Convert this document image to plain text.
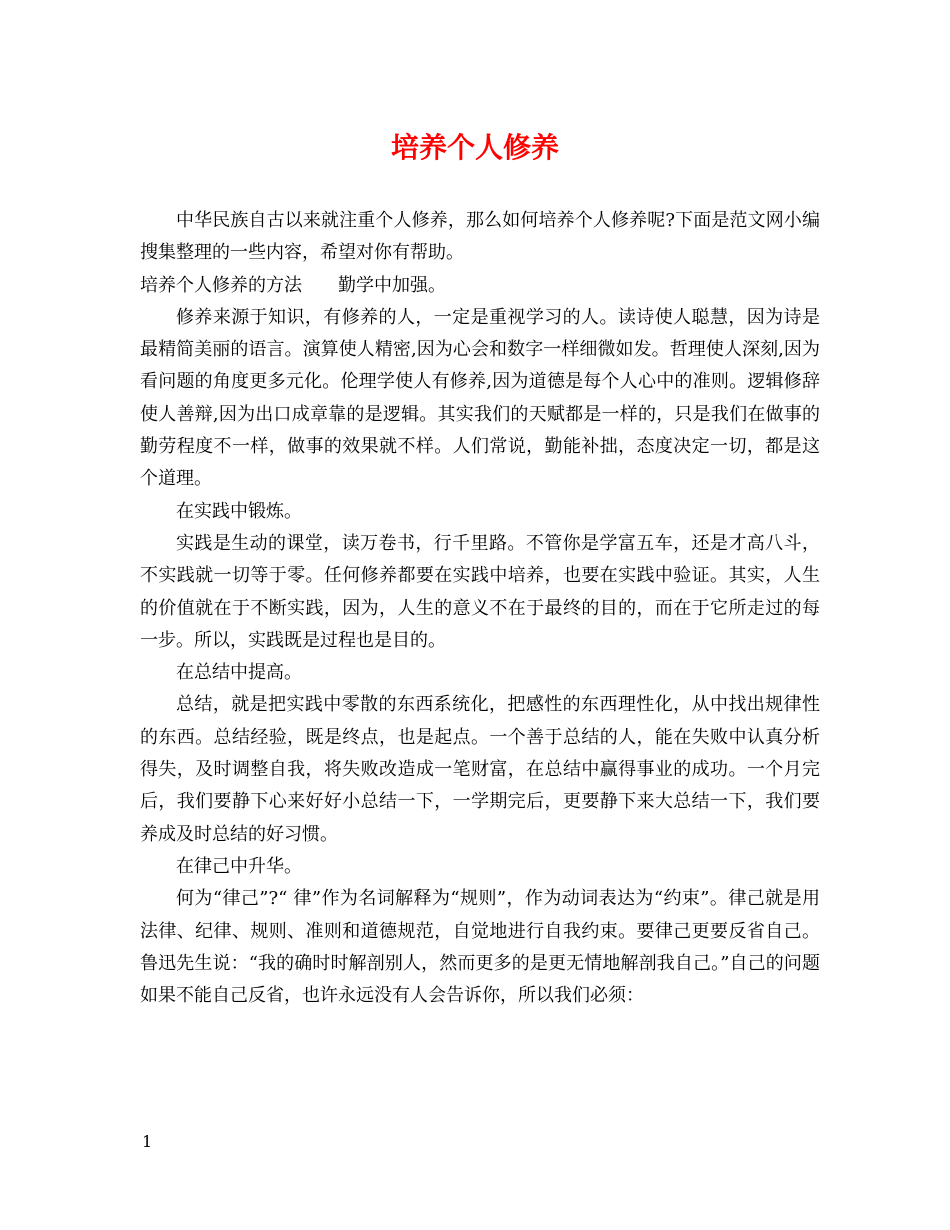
培养个人修养

中华民族自古以来就注重个人修养，那么如何培养个人修养呢?下面是范文网小编搜集整理的一些内容，希望对你有帮助。

培养个人修养的方法 勤学中加强。

修养来源于知识，有修养的人，一定是重视学习的人。读诗使人聪慧，因为诗是最精简美丽的语言。演算使人精密,因为心会和数字一样细微如发。哲理使人深刻,因为看问题的角度更多元化。伦理学使人有修养,因为道德是每个人心中的准则。逻辑修辞使人善辩,因为出口成章靠的是逻辑。其实我们的天赋都是一样的，只是我们在做事的勤劳程度不一样，做事的效果就不样。人们常说，勤能补拙，态度决定一切，都是这个道理。

在实践中锻炼。

实践是生动的课堂，读万卷书，行千里路。不管你是学富五车，还是才高八斗，不实践就一切等于零。任何修养都要在实践中培养，也要在实践中验证。其实，人生的价值就在于不断实践，因为，人生的意义不在于最终的目的，而在于它所走过的每一步。所以，实践既是过程也是目的。

在总结中提高。

总结，就是把实践中零散的东西系统化，把感性的东西理性化，从中找出规律性的东西。总结经验，既是终点，也是起点。一个善于总结的人，能在失败中认真分析得失，及时调整自我，将失败改造成一笔财富，在总结中赢得事业的成功。一个月完后，我们要静下心来好好小总结一下，一学期完后，更要静下来大总结一下，我们要养成及时总结的好习惯。

在律己中升华。

何为“律己”?“ 律”作为名词解释为“规则”，作为动词表达为“约束”。律己就是用法律、纪律、规则、准则和道德规范，自觉地进行自我约束。要律己更要反省自己。鲁迅先生说：“我的确时时解剖别人，然而更多的是更无情地解剖我自己。”自己的问题如果不能自己反省，也许永远没有人会告诉你，所以我们必须：

1
